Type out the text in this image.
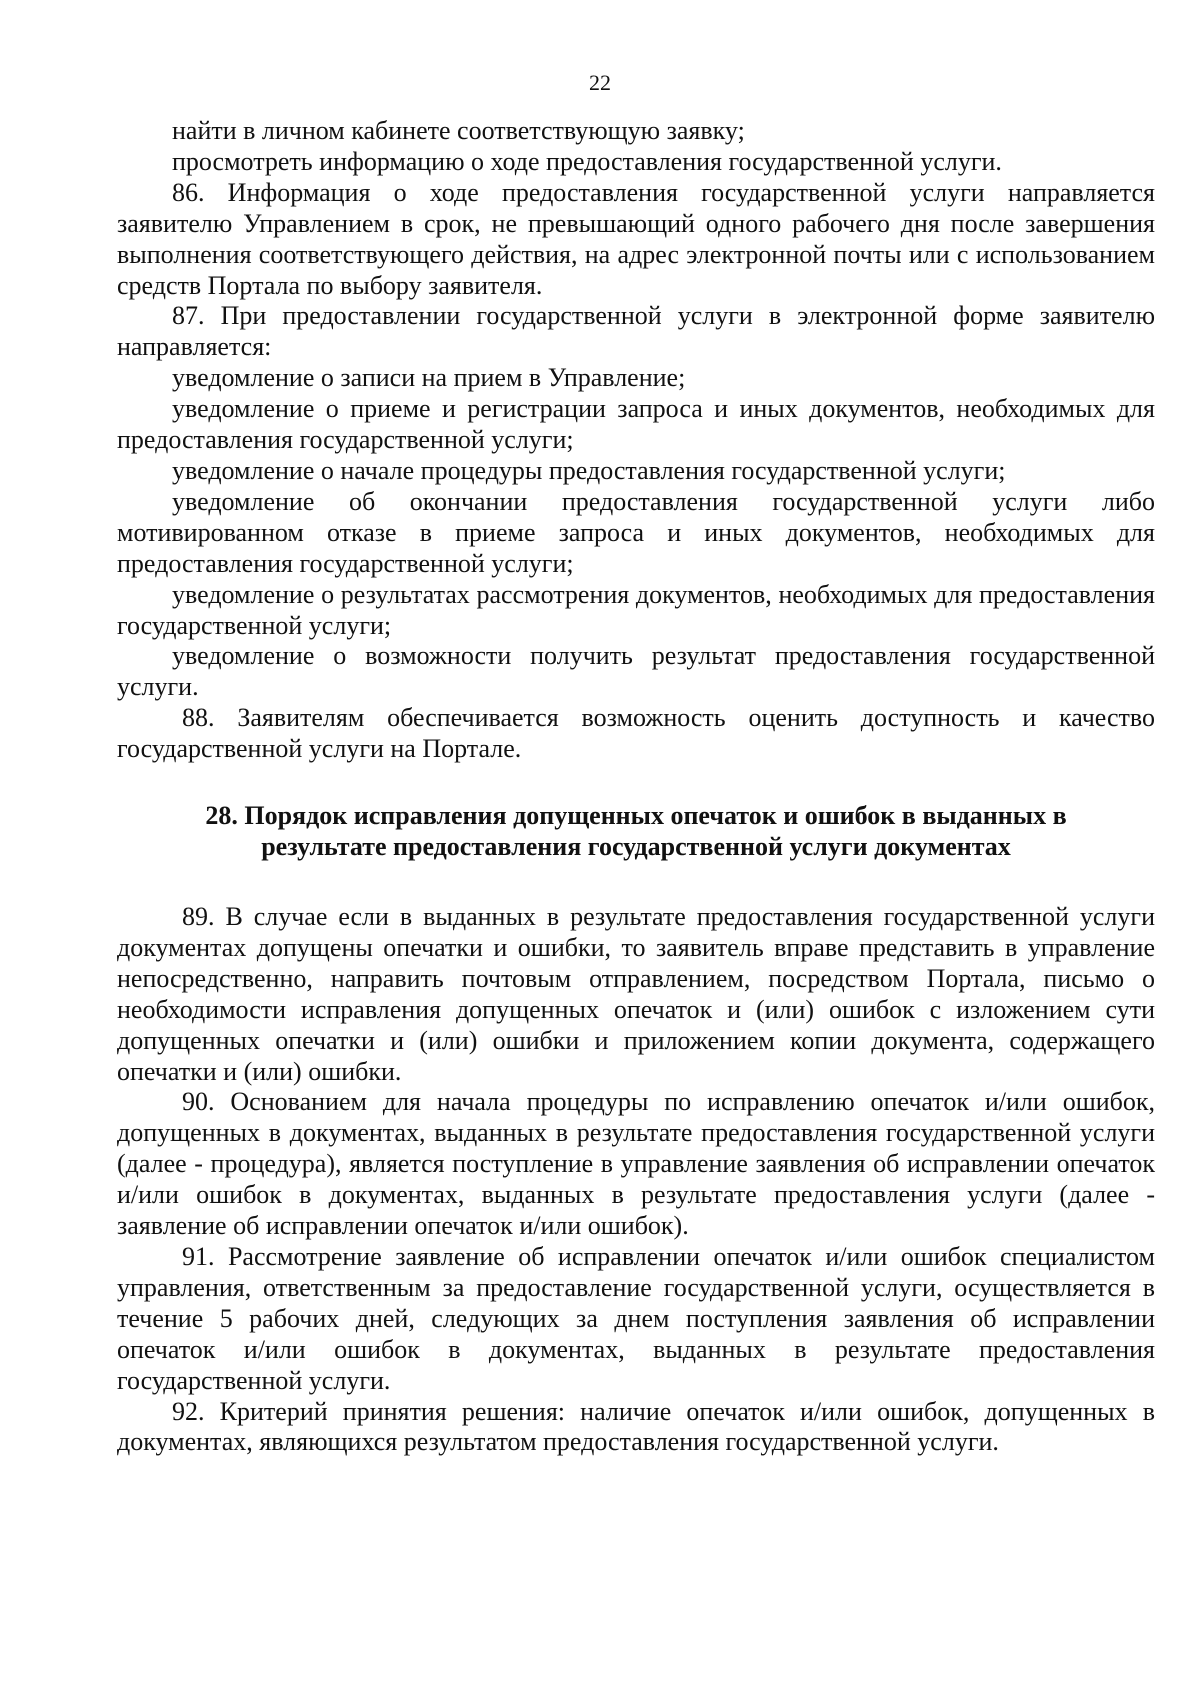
22

найти в личном кабинете соответствующую заявку;

просмотреть информацию о ходе предоставления государственной услуги.

86. Информация о ходе предоставления государственной услуги направляется заявителю Управлением в срок, не превышающий одного рабочего дня после завершения выполнения соответствующего действия, на адрес электронной почты или с использованием средств Портала по выбору заявителя.

87. При предоставлении государственной услуги в электронной форме заявителю направляется:

уведомление о записи на прием в Управление;

уведомление о приеме и регистрации запроса и иных документов, необходимых для предоставления государственной услуги;

уведомление о начале процедуры предоставления государственной услуги;

уведомление об окончании предоставления государственной услуги либо мотивированном отказе в приеме запроса и иных документов, необходимых для предоставления государственной услуги;

уведомление о результатах рассмотрения документов, необходимых для предоставления государственной услуги;

уведомление о возможности получить результат предоставления государственной услуги.

88. Заявителям обеспечивается возможность оценить доступность и качество государственной услуги на Портале.

28. Порядок исправления допущенных опечаток и ошибок в выданных в результате предоставления государственной услуги документах

89. В случае если в выданных в результате предоставления государственной услуги документах допущены опечатки и ошибки, то заявитель вправе представить в управление непосредственно, направить почтовым отправлением, посредством Портала, письмо о необходимости исправления допущенных опечаток и (или) ошибок с изложением сути допущенных опечатки и (или) ошибки и приложением копии документа, содержащего опечатки и (или) ошибки.

90. Основанием для начала процедуры по исправлению опечаток и/или ошибок, допущенных в документах, выданных в результате предоставления государственной услуги (далее - процедура), является поступление в управление заявления об исправлении опечаток и/или ошибок в документах, выданных в результате предоставления услуги (далее - заявление об исправлении опечаток и/или ошибок).

91. Рассмотрение заявление об исправлении опечаток и/или ошибок специалистом управления, ответственным за предоставление государственной услуги, осуществляется в течение 5 рабочих дней, следующих за днем поступления заявления об исправлении опечаток и/или ошибок в документах, выданных в результате предоставления государственной услуги.

92. Критерий принятия решения: наличие опечаток и/или ошибок, допущенных в документах, являющихся результатом предоставления государственной услуги.
